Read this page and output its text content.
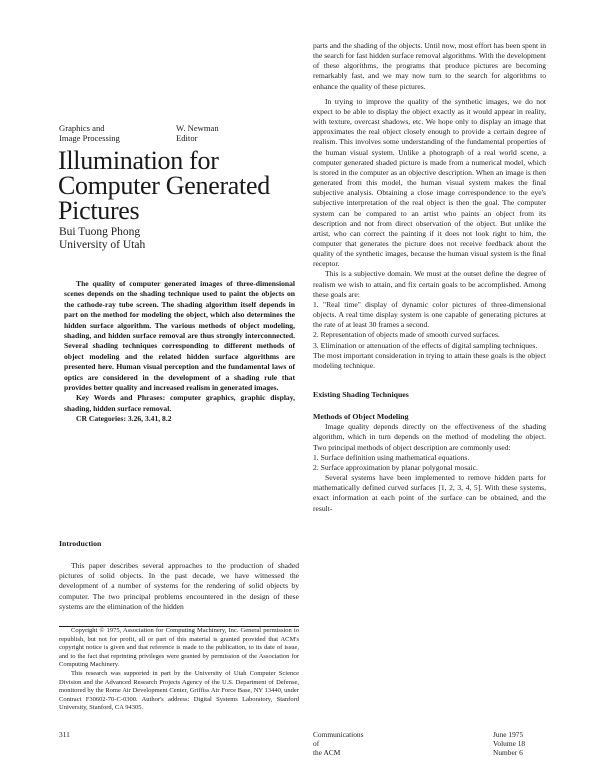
Graphics and
Image Processing
W. Newman
Editor
Illumination for
Computer Generated
Pictures
Bui Tuong Phong
University of Utah

The quality of computer generated images of three-dimensional scenes depends on the shading technique used to paint the objects on the cathode-ray tube screen. The shading algorithm itself depends in part on the method for modeling the object, which also determines the hidden surface algorithm. The various methods of object modeling, shading, and hidden surface removal are thus strongly interconnected. Several shading techniques corresponding to different methods of object modeling and the related hidden surface algorithms are presented here. Human visual perception and the fundamental laws of optics are considered in the development of a shading rule that provides better quality and increased realism in generated images.

Key Words and Phrases: computer graphics, graphic display, shading, hidden surface removal.

CR Categories: 3.26, 3.41, 8.2

Introduction

This paper describes several approaches to the production of shaded pictures of solid objects. In the past decade, we have witnessed the development of a number of systems for the rendering of solid objects by computer. The two principal problems encountered in the design of these systems are the elimination of the hidden

Copyright © 1975, Association for Computing Machinery, Inc. General permission to republish, but not for profit, all or part of this material is granted provided that ACM's copyright notice is given and that reference is made to the publication, to its date of issue, and to the fact that reprinting privileges were granted by permission of the Association for Computing Machinery.

This research was supported in part by the University of Utah Computer Science Division and the Advanced Research Projects Agency of the U.S. Department of Defense, monitored by the Rome Air Development Center, Griffiss Air Force Base, NY 13440, under Contract F30602-70-C-0300. Author's address: Digital Systems Laboratory, Stanford University, Stanford, CA 94305.

parts and the shading of the objects. Until now, most effort has been spent in the search for fast hidden surface removal algorithms. With the development of these algorithms, the programs that produce pictures are becoming remarkably fast, and we may now turn to the search for algorithms to enhance the quality of these pictures.

In trying to improve the quality of the synthetic images, we do not expect to be able to display the object exactly as it would appear in reality, with texture, overcast shadows, etc. We hope only to display an image that approximates the real object closely enough to provide a certain degree of realism. This involves some understanding of the fundamental properties of the human visual system. Unlike a photograph of a real world scene, a computer generated shaded picture is made from a numerical model, which is stored in the computer as an objective description. When an image is then generated from this model, the human visual system makes the final subjective analysis. Obtaining a close image correspondence to the eye's subjective interpretation of the real object is then the goal. The computer system can be compared to an artist who paints an object from its description and not from direct observation of the object. But unlike the artist, who can correct the painting if it does not look right to him, the computer that generates the picture does not receive feedback about the quality of the synthetic images, because the human visual system is the final receptor.

This is a subjective domain. We must at the outset define the degree of realism we wish to attain, and fix certain goals to be accomplished. Among these goals are:

1. "Real time" display of dynamic color pictures of three-dimensional objects. A real time display system is one capable of generating pictures at the rate of at least 30 frames a second.

2. Representation of objects made of smooth curved surfaces.

3. Elimination or attenuation of the effects of digital sampling techniques.

The most important consideration in trying to attain these goals is the object modeling technique.

Existing Shading Techniques

Methods of Object Modeling

Image quality depends directly on the effectiveness of the shading algorithm, which in turn depends on the method of modeling the object. Two principal methods of object description are commonly used:

1. Surface definition using mathematical equations.

2. Surface approximation by planar polygonal mosaic.

Several systems have been implemented to remove hidden parts for mathematically defined curved surfaces [1, 2, 3, 4, 5]. With these systems, exact information at each point of the surface can be obtained, and the result-

311	Communications
of
the ACM
June 1975
Volume 18
Number 6
